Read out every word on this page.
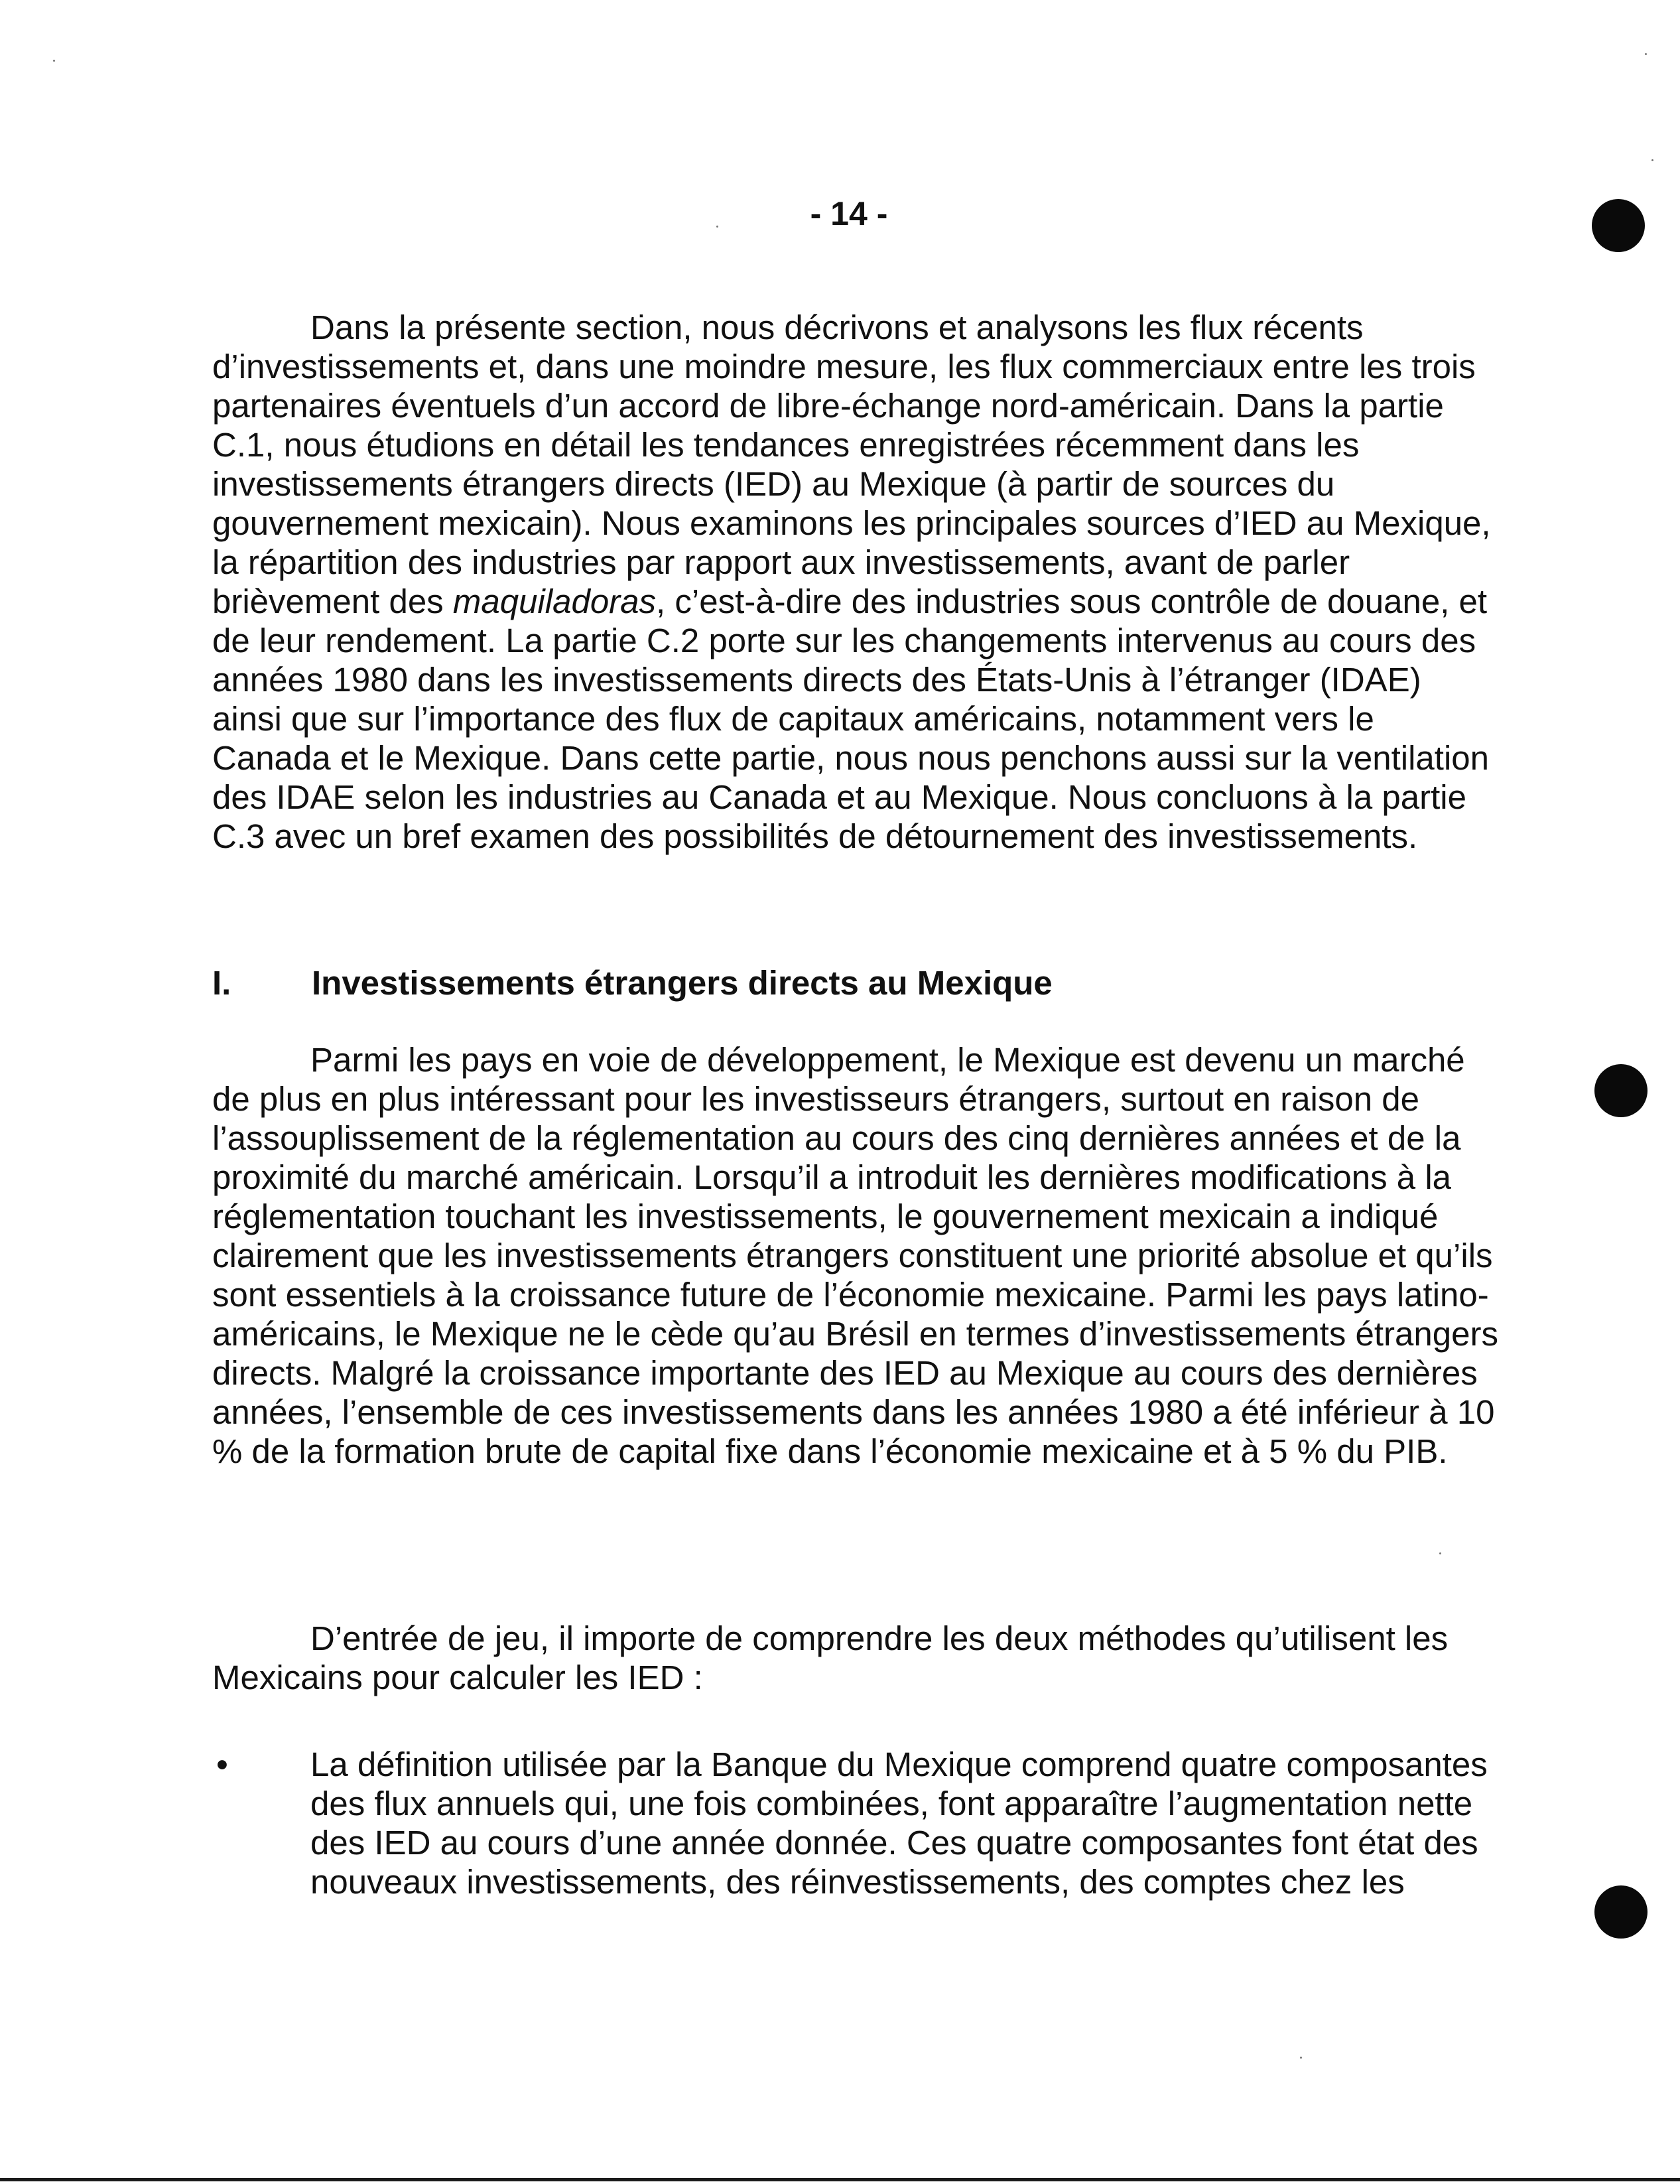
- 14 -

Dans la présente section, nous décrivons et analysons les flux récents d’investissements et, dans une moindre mesure, les flux commerciaux entre les trois partenaires éventuels d’un accord de libre-échange nord-américain. Dans la partie C.1, nous étudions en détail les tendances enregistrées récemment dans les investissements étrangers directs (IED) au Mexique (à partir de sources du gouvernement mexicain). Nous examinons les principales sources d’IED au Mexique, la répartition des industries par rapport aux investissements, avant de parler brièvement des maquiladoras, c’est-à-dire des industries sous contrôle de douane, et de leur rendement. La partie C.2 porte sur les changements intervenus au cours des années 1980 dans les investissements directs des États-Unis à l’étranger (IDAE) ainsi que sur l’importance des flux de capitaux américains, notamment vers le Canada et le Mexique. Dans cette partie, nous nous penchons aussi sur la ventilation des IDAE selon les industries au Canada et au Mexique. Nous concluons à la partie C.3 avec un bref examen des possibilités de détournement des investissements.

I. Investissements étrangers directs au Mexique

Parmi les pays en voie de développement, le Mexique est devenu un marché de plus en plus intéressant pour les investisseurs étrangers, surtout en raison de l’assouplissement de la réglementation au cours des cinq dernières années et de la proximité du marché américain. Lorsqu’il a introduit les dernières modifications à la réglementation touchant les investissements, le gouvernement mexicain a indiqué clairement que les investissements étrangers constituent une priorité absolue et qu’ils sont essentiels à la croissance future de l’économie mexicaine. Parmi les pays latino-américains, le Mexique ne le cède qu’au Brésil en termes d’investissements étrangers directs. Malgré la croissance importante des IED au Mexique au cours des dernières années, l’ensemble de ces investissements dans les années 1980 a été inférieur à 10 % de la formation brute de capital fixe dans l’économie mexicaine et à 5 % du PIB.

D’entrée de jeu, il importe de comprendre les deux méthodes qu’utilisent les Mexicains pour calculer les IED :

•	La définition utilisée par la Banque du Mexique comprend quatre composantes des flux annuels qui, une fois combinées, font apparaître l’augmentation nette des IED au cours d’une année donnée. Ces quatre composantes font état des nouveaux investissements, des réinvestissements, des comptes chez les
